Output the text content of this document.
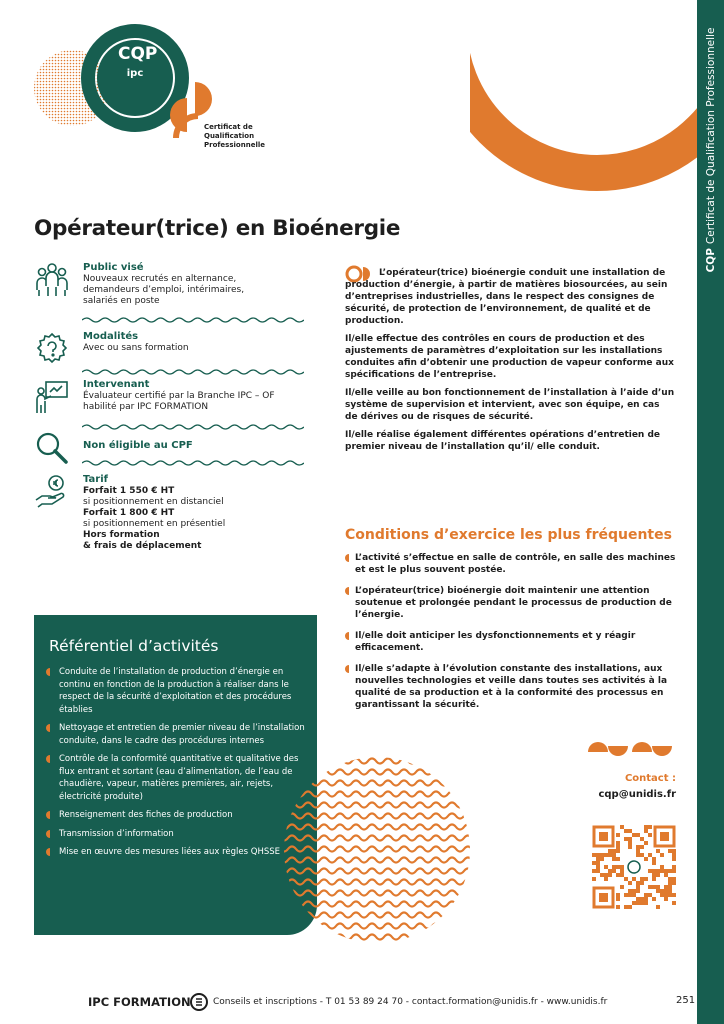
CQPCertificat de Qualification Professionnelle
CQP
ipc
Certificat de Qualification Professionnelle
Opérateur(trice) en Bioénergie

Public visé

Nouveaux recrutés en alternance,
demandeurs d’emploi, intérimaires,
salariés en poste

Modalités

Avec ou sans formation

Intervenant

Évaluateur certifié par la Branche IPC – OF
habilité par IPC FORMATION

Non éligible au CPF

Tarif

Forfait 1 550 € HT
si positionnement en distanciel
Forfait 1 800 € HT
si positionnement en présentiel
Hors formation
& frais de déplacement

L’opérateur(trice) bioénergie conduit une installation de production d’énergie, à partir de matières biosourcées, au sein d’entreprises industrielles, dans le respect des consignes de sécurité, de protection de l’environnement, de qualité et de production.

Il/elle effectue des contrôles en cours de production et des ajustements de paramètres d’exploitation sur les installations conduites afin d’obtenir une production de vapeur conforme aux spécifications de l’entreprise.

Il/elle veille au bon fonctionnement de l’installation à l’aide d’un système de supervision et intervient, avec son équipe, en cas de dérives ou de risques de sécurité.

Il/elle réalise également différentes opérations d’entretien de premier niveau de l’installation qu’il/ elle conduit.

Conditions d’exercice les plus fréquentes
L’activité s’effectue en salle de contrôle, en salle des machines et est le plus souvent postée.
L’opérateur(trice) bioénergie doit maintenir une attention soutenue et prolongée pendant le processus de production de l’énergie.
Il/elle doit anticiper les dysfonctionnements et y réagir efficacement.
Il/elle s’adapte à l’évolution constante des installations, aux nouvelles technologies et veille dans toutes ses activités à la qualité de sa production et à la conformité des processus en garantissant la sécurité.
Référentiel d’activités
Conduite de l’installation de production d’énergie en continu en fonction de la production à réaliser dans le respect de la sécurité d’exploitation et des procédures établies
Nettoyage et entretien de premier niveau de l’installation conduite, dans le cadre des procédures internes
Contrôle de la conformité quantitative et qualitative des flux entrant et sortant (eau d’alimentation, de l’eau de chaudière, vapeur, matières premières, air, rejets, électricité produite)
Renseignement des fiches de production
Transmission d’information
Mise en œuvre des mesures liées aux règles QHSSE
Contact :
cqp@unidis.fr
IPC FORMATION Conseils et inscriptions - T 01 53 89 24 70 - contact.formation@unidis.fr - www.unidis.fr	251
